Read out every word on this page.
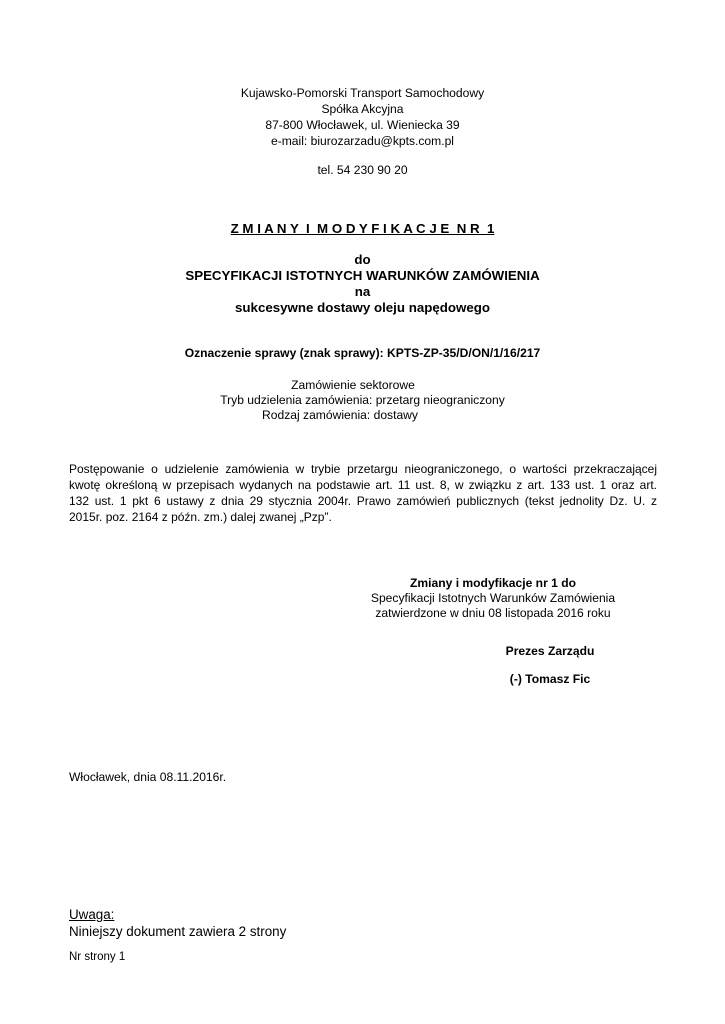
Kujawsko-Pomorski Transport Samochodowy
Spółka Akcyjna
87-800 Włocławek, ul. Wieniecka 39
e-mail: biurozarzadu@kpts.com.pl
tel. 54 230 90 20
Z M I A N Y  I  M O D Y F I K A C J E  N R  1
do
SPECYFIKACJI ISTOTNYCH WARUNKÓW ZAMÓWIENIA
na
sukcesywne dostawy oleju napędowego
Oznaczenie sprawy (znak sprawy): KPTS-ZP-35/D/ON/1/16/217
Zamówienie sektorowe
Tryb udzielenia zamówienia: przetarg nieograniczony
Rodzaj zamówienia: dostawy
Postępowanie o udzielenie zamówienia w trybie przetargu nieograniczonego, o wartości przekraczającej
kwotę określoną w przepisach wydanych na podstawie art. 11 ust. 8, w związku z art. 133 ust. 1 oraz art.
132 ust. 1 pkt 6 ustawy z dnia 29 stycznia 2004r. Prawo zamówień publicznych (tekst jednolity Dz. U. z
2015r. poz. 2164 z późn. zm.) dalej zwanej „Pzp”.
Zmiany i modyfikacje nr 1 do
Specyfikacji Istotnych Warunków Zamówienia
zatwierdzone w dniu 08 listopada 2016 roku
Prezes Zarządu
(-) Tomasz Fic
Włocławek, dnia 08.11.2016r.
Uwaga:
Niniejszy dokument zawiera 2 strony
Nr strony 1
